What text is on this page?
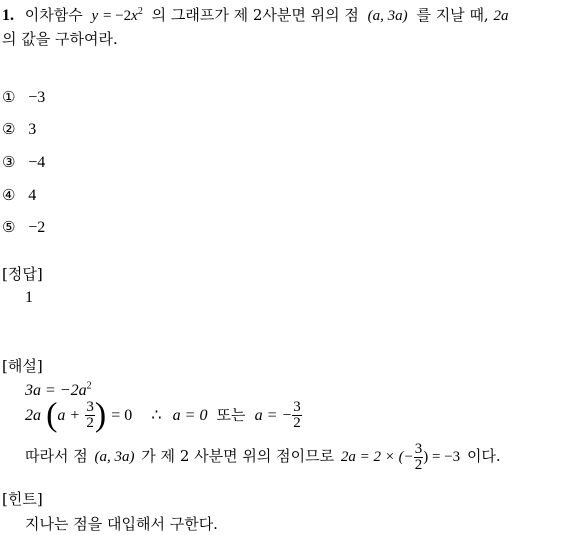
1. 이차함수 $y = -2x^2$ 의 그래프가 제 2사분면 위의 점 (a, 3a) 를 지날 때, 2a
의 값을 구하여라.
① −3
② 3
③ −4
④ 4
⑤ −2
[정답]
1
[해설]
$3a = -2a^2$
2a ($a + \frac{3}{2}$ ) = 0 ∴ a = 0 또는 a = − $\frac{3}{2}$
따라서 점 (a, 3a) 가 제 2 사분면 위의 점이므로 2a = 2 × (− $\frac{3}{2}$ ) = −3 이다.
[힌트]
지나는 점을 대입해서 구한다.
